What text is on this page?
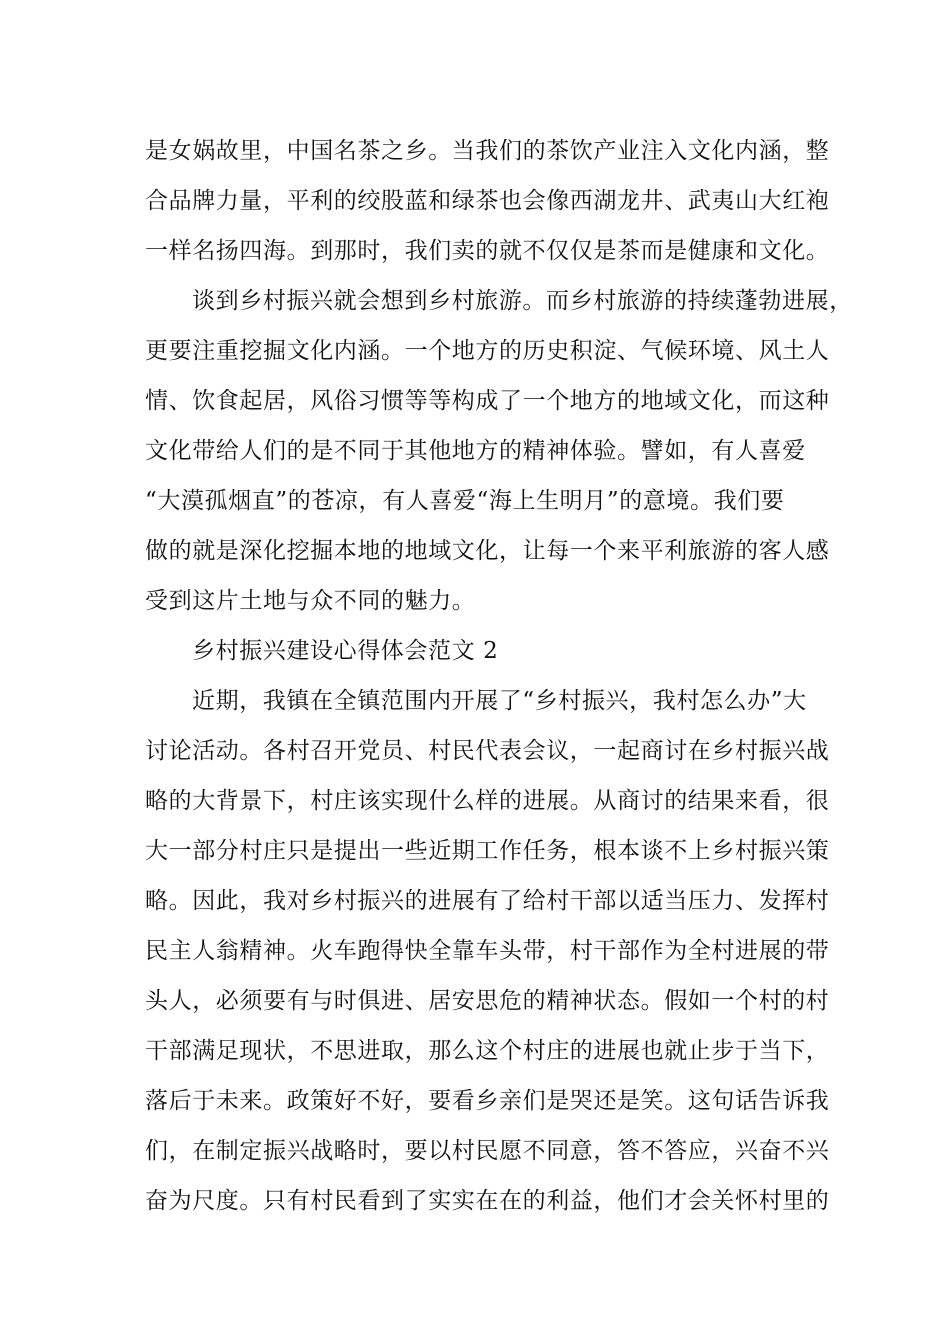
是女娲故里，中国名茶之乡。当我们的茶饮产业注入文化内涵，整
合品牌力量，平利的绞股蓝和绿茶也会像西湖龙井、武夷山大红袍
一样名扬四海。到那时，我们卖的就不仅仅是茶而是健康和文化。
谈到乡村振兴就会想到乡村旅游。而乡村旅游的持续蓬勃进展，
更要注重挖掘文化内涵。一个地方的历史积淀、气候环境、风土人
情、饮食起居，风俗习惯等等构成了一个地方的地域文化，而这种
文化带给人们的是不同于其他地方的精神体验。譬如，有人喜爱
“大漠孤烟直”的苍凉，有人喜爱“海上生明月”的意境。我们要
做的就是深化挖掘本地的地域文化，让每一个来平利旅游的客人感
受到这片土地与众不同的魅力。
乡村振兴建设心得体会范文 2
近期，我镇在全镇范围内开展了“乡村振兴，我村怎么办”大
讨论活动。各村召开党员、村民代表会议，一起商讨在乡村振兴战
略的大背景下，村庄该实现什么样的进展。从商讨的结果来看，很
大一部分村庄只是提出一些近期工作任务，根本谈不上乡村振兴策
略。因此，我对乡村振兴的进展有了给村干部以适当压力、发挥村
民主人翁精神。火车跑得快全靠车头带，村干部作为全村进展的带
头人，必须要有与时俱进、居安思危的精神状态。假如一个村的村
干部满足现状，不思进取，那么这个村庄的进展也就止步于当下，
落后于未来。政策好不好，要看乡亲们是哭还是笑。这句话告诉我
们，在制定振兴战略时，要以村民愿不同意，答不答应，兴奋不兴
奋为尺度。只有村民看到了实实在在的利益，他们才会关怀村里的
